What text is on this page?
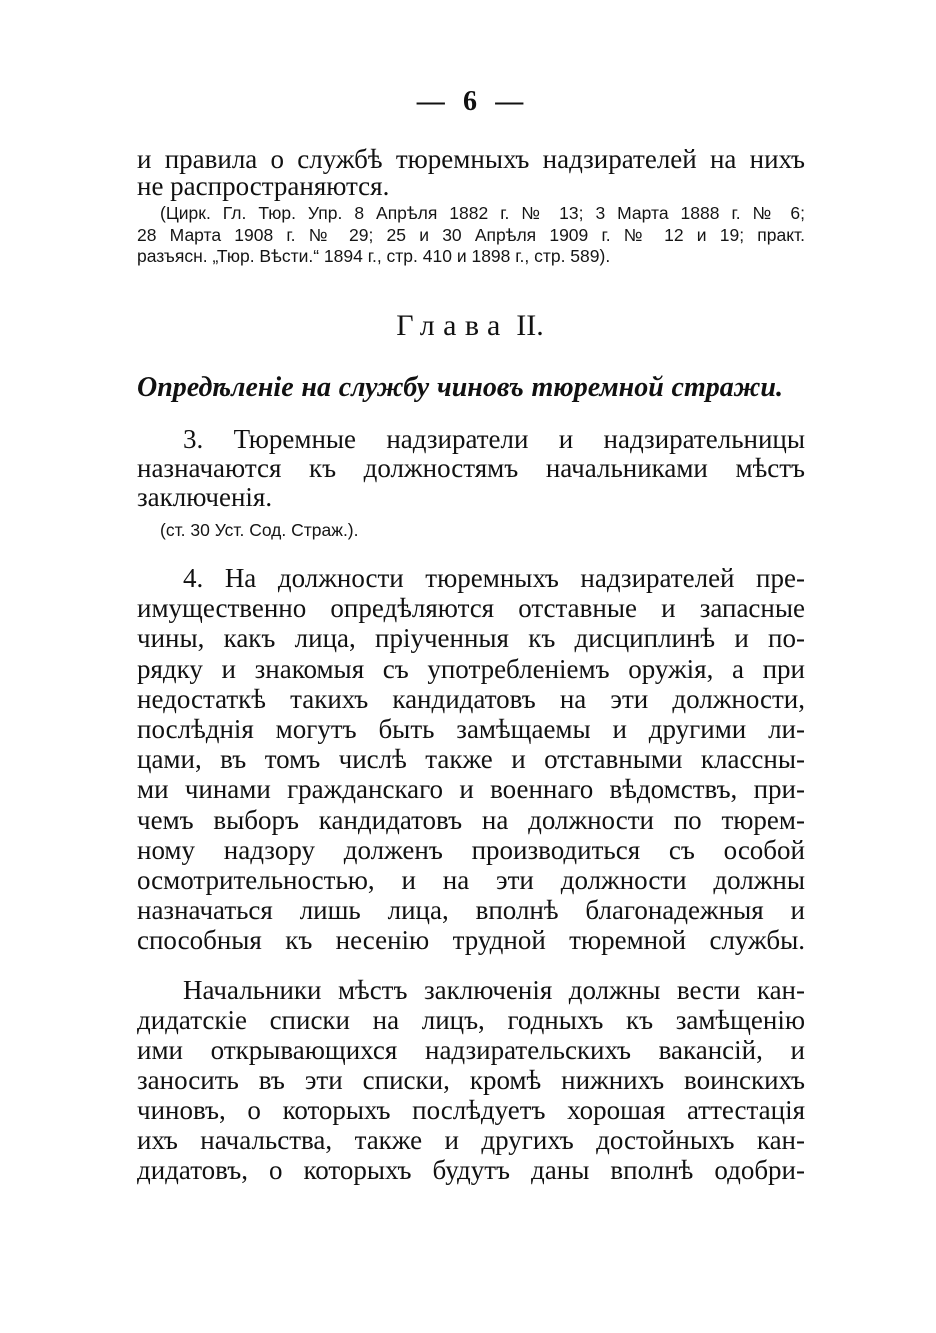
— 6 —
и правила о службѣ тюремныхъ надзирателей на нихъ
не распространяются.
(Цирк. Гл. Тюр. Упр. 8 Апрѣля 1882 г. № 13; 3 Марта 1888 г. № 6;
28 Марта 1908 г. № 29; 25 и 30 Апрѣля 1909 г. № 12 и 19; практ.
разъясн. „Тюр. Вѣсти.“ 1894 г., стр. 410 и 1898 г., стр. 589).
Глава II.
Опредѣленіе на службу чиновъ тюремной стражи.
3. Тюремные надзиратели и надзирательницы
назначаются къ должностямъ начальниками мѣстъ
заключенія.
(ст. 30 Уст. Сод. Страж.).
4. На должности тюремныхъ надзирателей пре-
имущественно опредѣляются отставные и запасные
чины, какъ лица, пріученныя къ дисциплинѣ и по-
рядку и знакомыя съ употребленіемъ оружія, а при
недостаткѣ такихъ кандидатовъ на эти должности,
послѣднія могутъ быть замѣщаемы и другими ли-
цами, въ томъ числѣ также и отставными классны-
ми чинами гражданскаго и военнаго вѣдомствъ, при-
чемъ выборъ кандидатовъ на должности по тюрем-
ному надзору долженъ производиться съ особой
осмотрительностью, и на эти должности должны
назначаться лишь лица, вполнѣ благонадежныя и
способныя къ несенію трудной тюремной службы.
Начальники мѣстъ заключенія должны вести кан-
дидатскіе списки на лицъ, годныхъ къ замѣщенію
ими открывающихся надзирательскихъ вакансій, и
заносить въ эти списки, кромѣ нижнихъ воинскихъ
чиновъ, о которыхъ послѣдуетъ хорошая аттестація
ихъ начальства, также и другихъ достойныхъ кан-
дидатовъ, о которыхъ будутъ даны вполнѣ одобри-
